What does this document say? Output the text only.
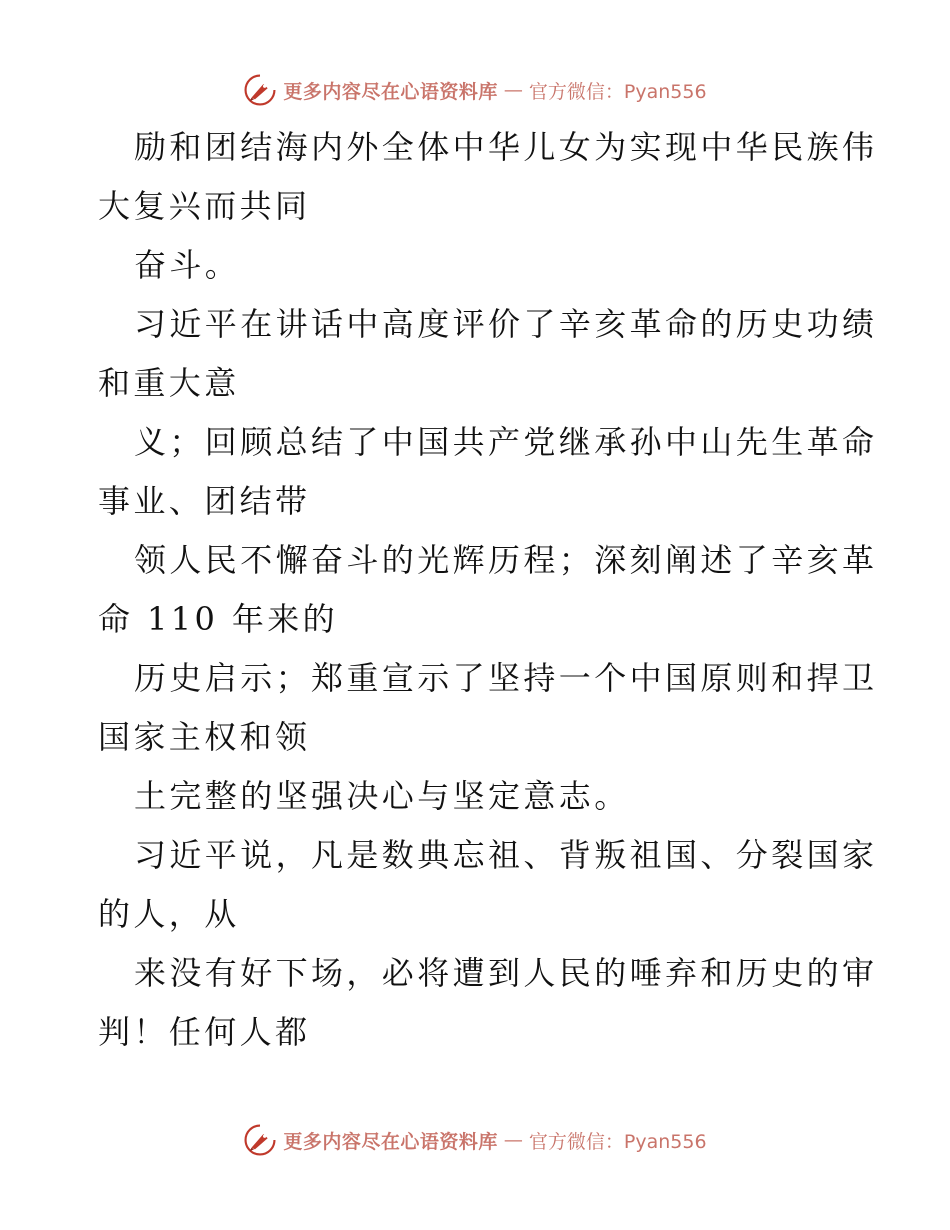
更多内容尽在心语资料库 — 官方微信：Pyan556
励和团结海内外全体中华儿女为实现中华民族伟
大复兴而共同
奋斗。
习近平在讲话中高度评价了辛亥革命的历史功绩
和重大意
义；回顾总结了中国共产党继承孙中山先生革命
事业、团结带
领人民不懈奋斗的光辉历程；深刻阐述了辛亥革
命 110 年来的
历史启示；郑重宣示了坚持一个中国原则和捍卫
国家主权和领
土完整的坚强决心与坚定意志。
习近平说，凡是数典忘祖、背叛祖国、分裂国家
的人，从
来没有好下场，必将遭到人民的唾弃和历史的审
判！任何人都
更多内容尽在心语资料库 — 官方微信：Pyan556
